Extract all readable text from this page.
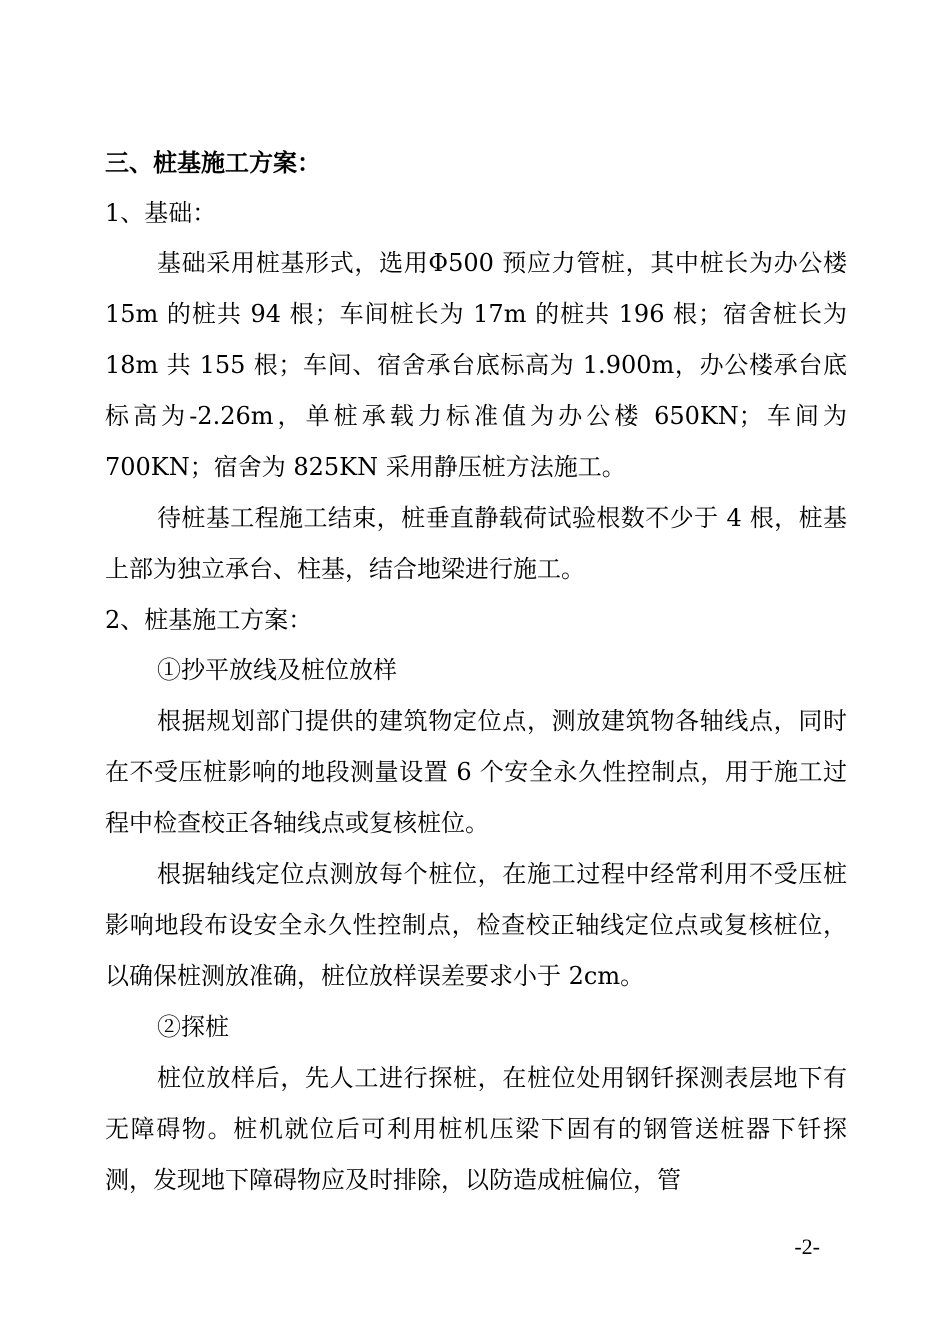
三、桩基施工方案：
1、基础：

基础采用桩基形式，选用Φ500 预应力管桩，其中桩长为办公楼 15m 的桩共 94 根；车间桩长为 17m 的桩共 196 根；宿舍桩长为 18m 共 155 根；车间、宿舍承台底标高为 1.900m，办公楼承台底标高为-2.26m，单桩承载力标准值为办公楼 650KN；车间为 700KN；宿舍为 825KN 采用静压桩方法施工。

待桩基工程施工结束，桩垂直静载荷试验根数不少于 4 根，桩基上部为独立承台、柱基，结合地梁进行施工。

2、桩基施工方案：
①抄平放线及桩位放样

根据规划部门提供的建筑物定位点，测放建筑物各轴线点，同时在不受压桩影响的地段测量设置 6 个安全永久性控制点，用于施工过程中检查校正各轴线点或复核桩位。

根据轴线定位点测放每个桩位，在施工过程中经常利用不受压桩影响地段布设安全永久性控制点，检查校正轴线定位点或复核桩位，以确保桩测放准确，桩位放样误差要求小于 2cm。

②探桩

桩位放样后，先人工进行探桩，在桩位处用钢钎探测表层地下有无障碍物。桩机就位后可利用桩机压梁下固有的钢管送桩器下钎探测，发现地下障碍物应及时排除，以防造成桩偏位，管

-2-
